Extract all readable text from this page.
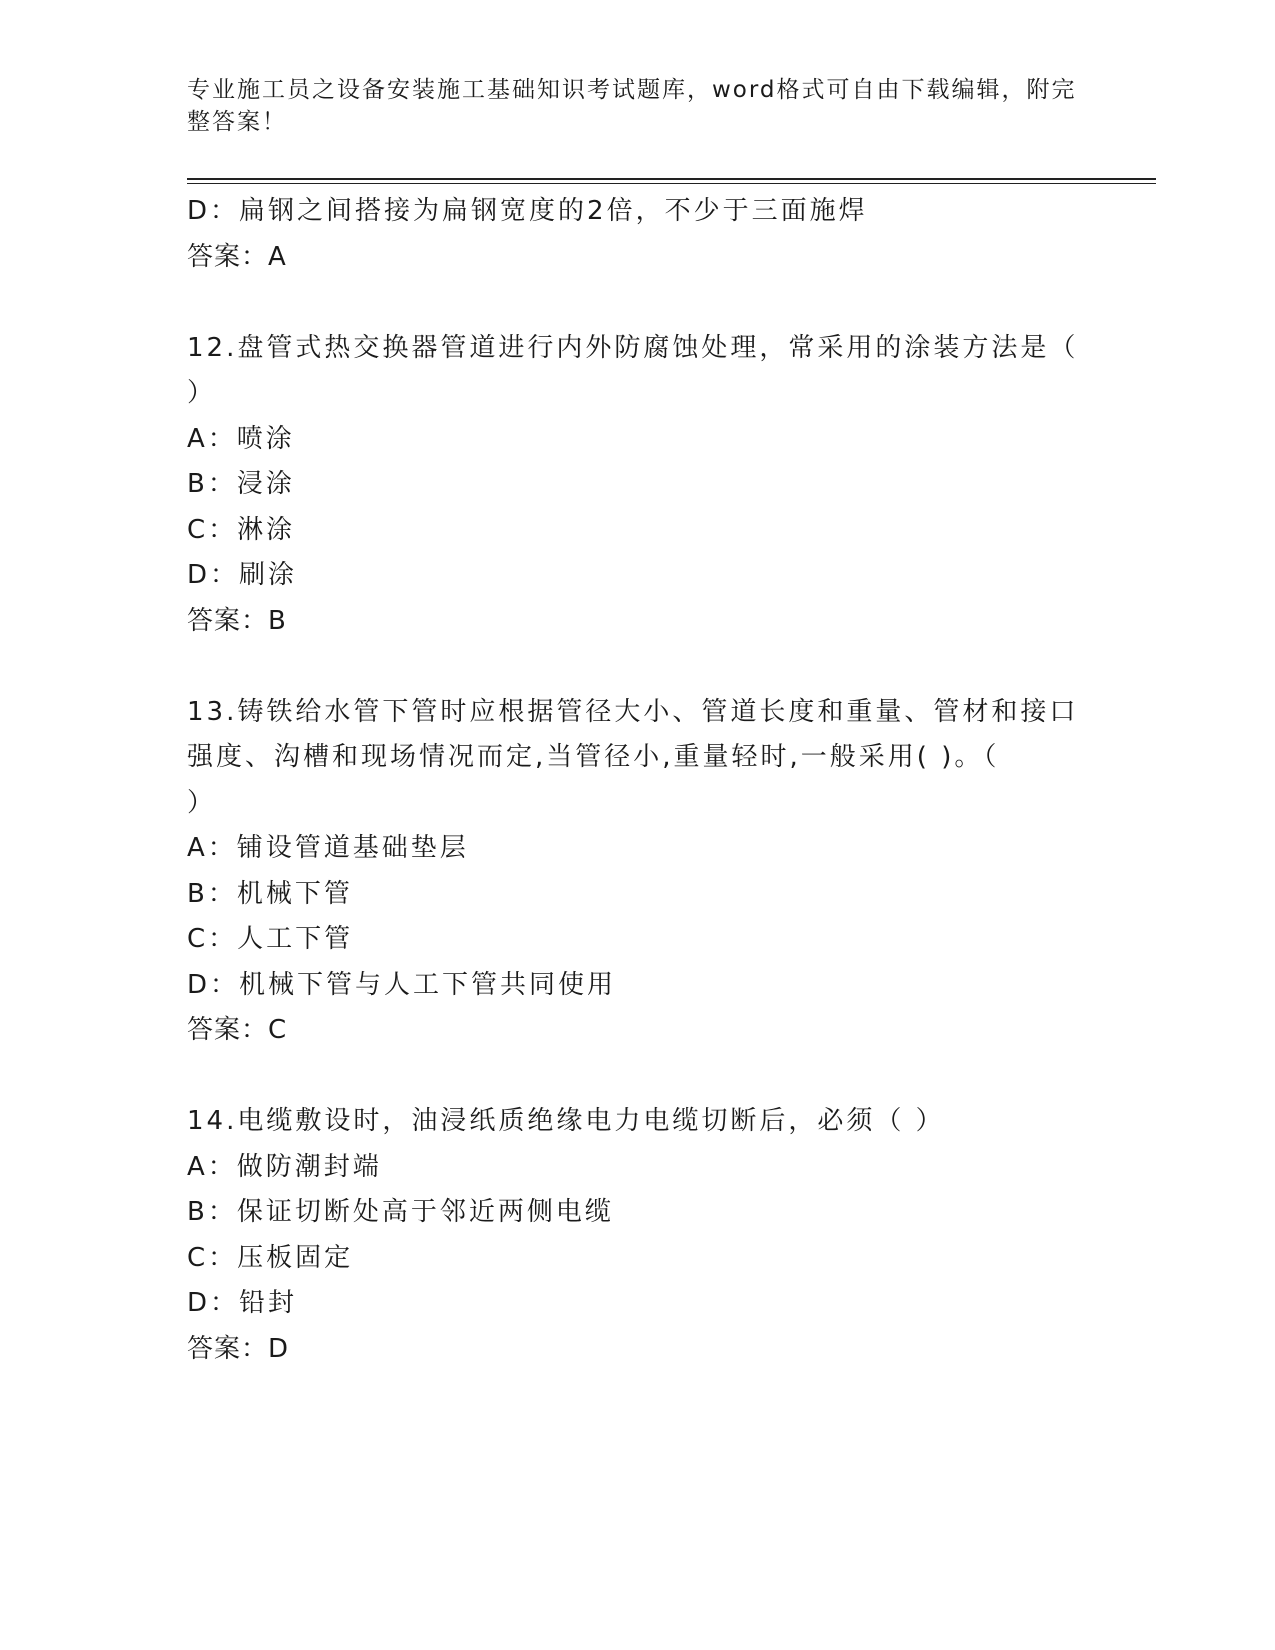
专业施工员之设备安装施工基础知识考试题库，word格式可自由下载编辑，附完
整答案！
D：扁钢之间搭接为扁钢宽度的2倍，不少于三面施焊
答案：A
12.盘管式热交换器管道进行内外防腐蚀处理，常采用的涂装方法是（
）
A：喷涂
B：浸涂
C：淋涂
D：刷涂
答案：B
13.铸铁给水管下管时应根据管径大小、管道长度和重量、管材和接口
强度、沟槽和现场情况而定,当管径小,重量轻时,一般采用( )。（
）
A：铺设管道基础垫层
B：机械下管
C：人工下管
D：机械下管与人工下管共同使用
答案：C
14.电缆敷设时，油浸纸质绝缘电力电缆切断后，必须（ ）
A：做防潮封端
B：保证切断处高于邻近两侧电缆
C：压板固定
D：铅封
答案：D
